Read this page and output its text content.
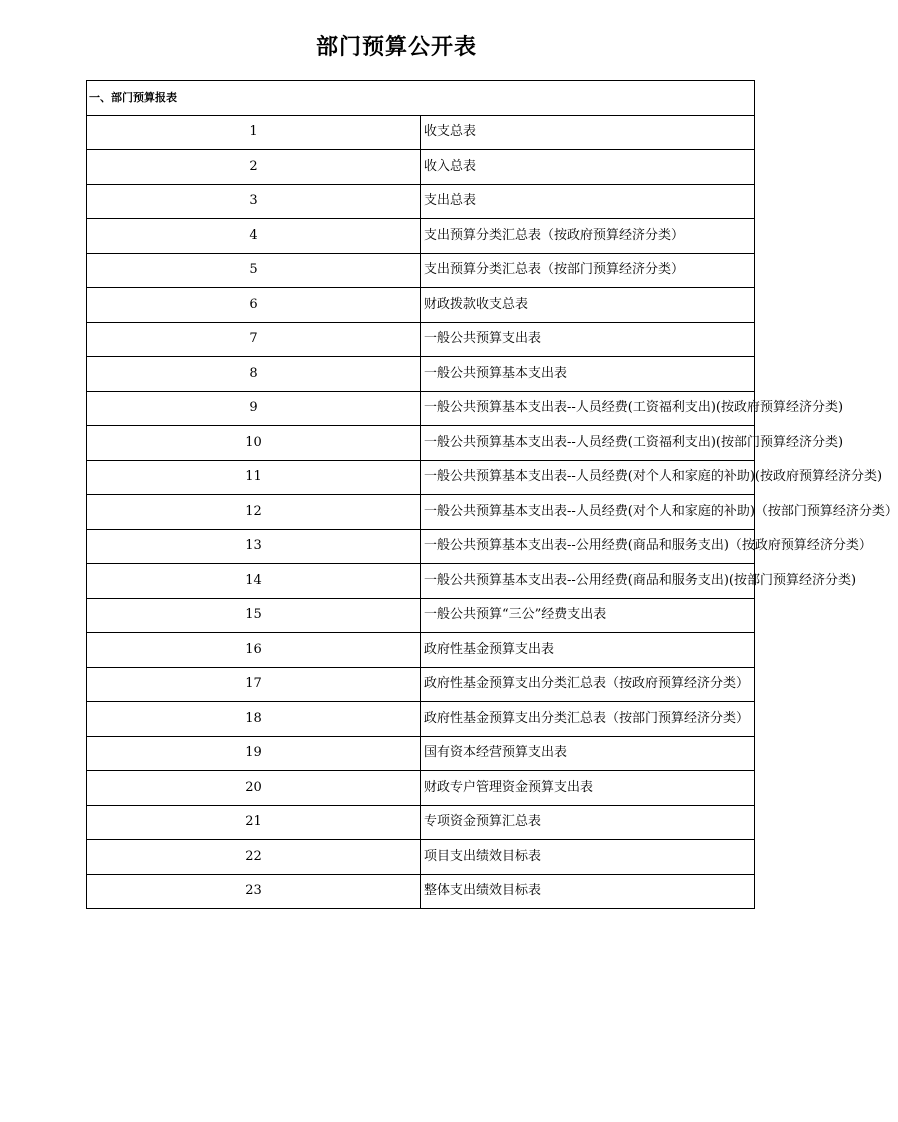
部门预算公开表
一、部门预算报表	
1	收支总表
2	收入总表
3	支出总表
4	支出预算分类汇总表（按政府预算经济分类）
5	支出预算分类汇总表（按部门预算经济分类）
6	财政拨款收支总表
7	一般公共预算支出表
8	一般公共预算基本支出表
9	一般公共预算基本支出表--人员经费(工资福利支出)(按政府预算经济分类)
10	一般公共预算基本支出表--人员经费(工资福利支出)(按部门预算经济分类)
11	一般公共预算基本支出表--人员经费(对个人和家庭的补助)(按政府预算经济分类)
12	一般公共预算基本支出表--人员经费(对个人和家庭的补助)（按部门预算经济分类）
13	一般公共预算基本支出表--公用经费(商品和服务支出)（按政府预算经济分类）
14	一般公共预算基本支出表--公用经费(商品和服务支出)(按部门预算经济分类)
15	一般公共预算“三公”经费支出表
16	政府性基金预算支出表
17	政府性基金预算支出分类汇总表（按政府预算经济分类）
18	政府性基金预算支出分类汇总表（按部门预算经济分类）
19	国有资本经营预算支出表
20	财政专户管理资金预算支出表
21	专项资金预算汇总表
22	项目支出绩效目标表
23	整体支出绩效目标表
